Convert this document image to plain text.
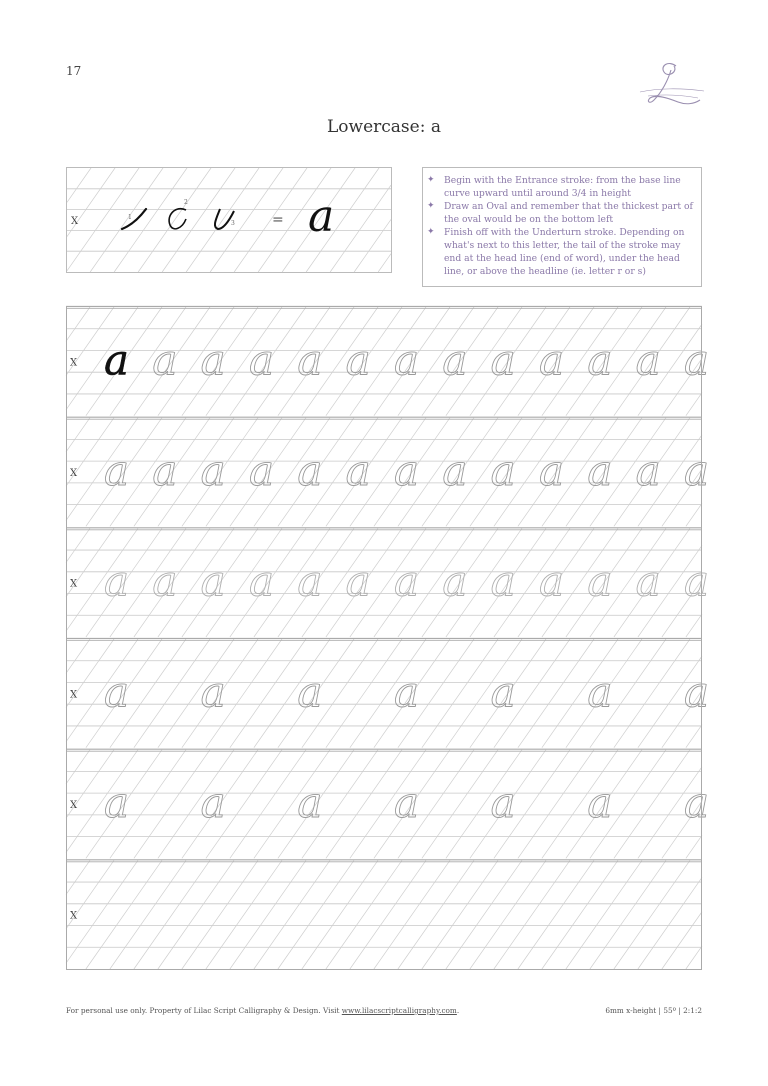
17
Lowercase: a
X	1
2
3	= a
✦ Begin with the Entrance stroke: from the base line curve upward until around 3/4 in height
✦ Draw an Oval and remember that the thickest part of the oval would be on the bottom left
✦ Finish off with the Underturn stroke. Depending on what's next to this letter, the tail of the stroke may end at the head line (end of word), under the head line, or above the headline (ie. letter r or s)
X a a a a a a a a a a a a a
X a a a a a a a a a a a a a
X a a a a a a a a a a a a a
X a a a a a a a
X a a a a a a a
X
For personal use only. Property of Lilac Script Calligraphy & Design. Visit www.lilacscriptcalligraphy.com.	6mm x-height | 55º | 2:1:2
